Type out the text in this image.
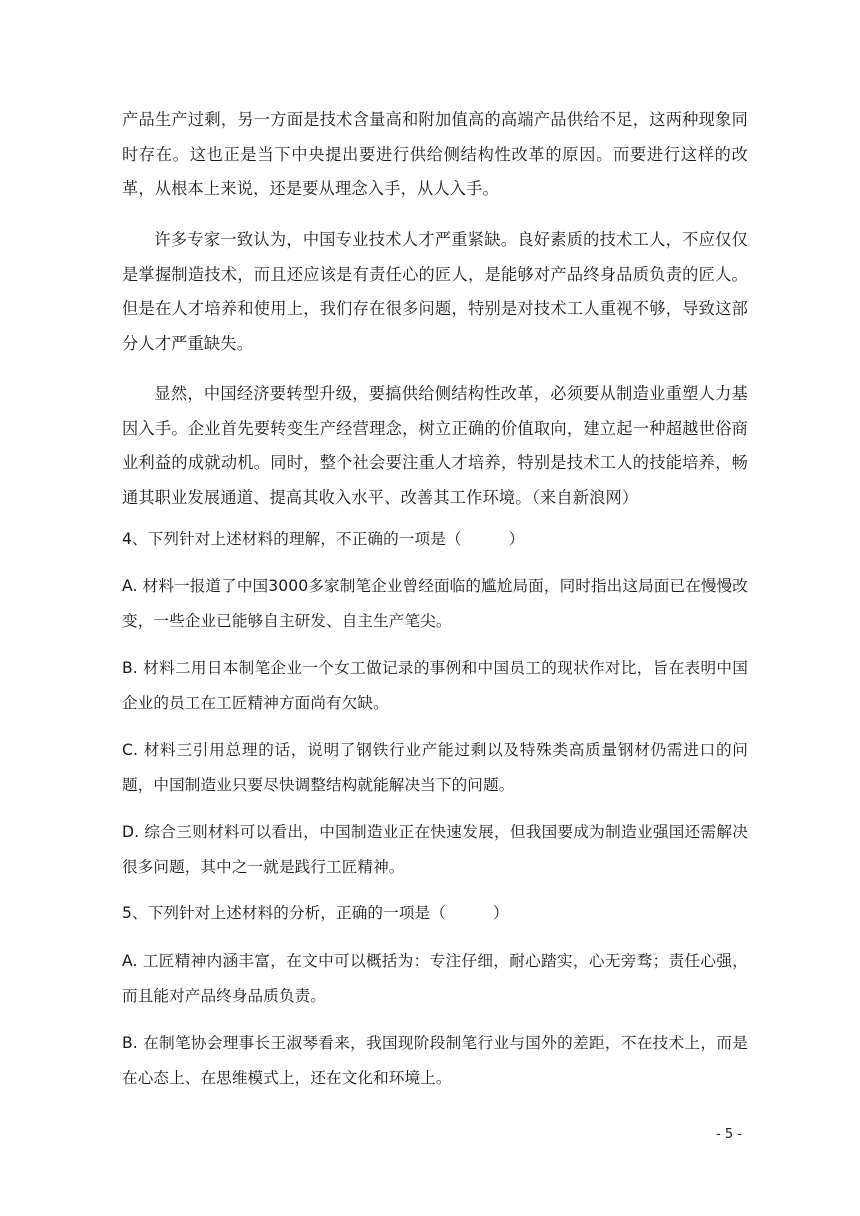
产品生产过剩，另一方面是技术含量高和附加值高的高端产品供给不足，这两种现象同时存在。这也正是当下中央提出要进行供给侧结构性改革的原因。而要进行这样的改革，从根本上来说，还是要从理念入手，从人入手。

许多专家一致认为，中国专业技术人才严重紧缺。良好素质的技术工人，不应仅仅是掌握制造技术，而且还应该是有责任心的匠人，是能够对产品终身品质负责的匠人。但是在人才培养和使用上，我们存在很多问题，特别是对技术工人重视不够，导致这部分人才严重缺失。

显然，中国经济要转型升级，要搞供给侧结构性改革，必须要从制造业重塑人力基因入手。企业首先要转变生产经营理念，树立正确的价值取向，建立起一种超越世俗商业利益的成就动机。同时，整个社会要注重人才培养，特别是技术工人的技能培养，畅通其职业发展通道、提高其收入水平、改善其工作环境。（来自新浪网）

4、下列针对上述材料的理解，不正确的一项是（　　　）

A. 材料一报道了中国3000多家制笔企业曾经面临的尴尬局面，同时指出这局面已在慢慢改变，一些企业已能够自主研发、自主生产笔尖。

B. 材料二用日本制笔企业一个女工做记录的事例和中国员工的现状作对比，旨在表明中国企业的员工在工匠精神方面尚有欠缺。

C. 材料三引用总理的话，说明了钢铁行业产能过剩以及特殊类高质量钢材仍需进口的问题，中国制造业只要尽快调整结构就能解决当下的问题。

D. 综合三则材料可以看出，中国制造业正在快速发展，但我国要成为制造业强国还需解决很多问题，其中之一就是践行工匠精神。

5、下列针对上述材料的分析，正确的一项是（　　　）

A. 工匠精神内涵丰富，在文中可以概括为：专注仔细，耐心踏实，心无旁骛；责任心强，而且能对产品终身品质负责。

B. 在制笔协会理事长王淑琴看来，我国现阶段制笔行业与国外的差距，不在技术上，而是在心态上、在思维模式上，还在文化和环境上。

- 5 -
